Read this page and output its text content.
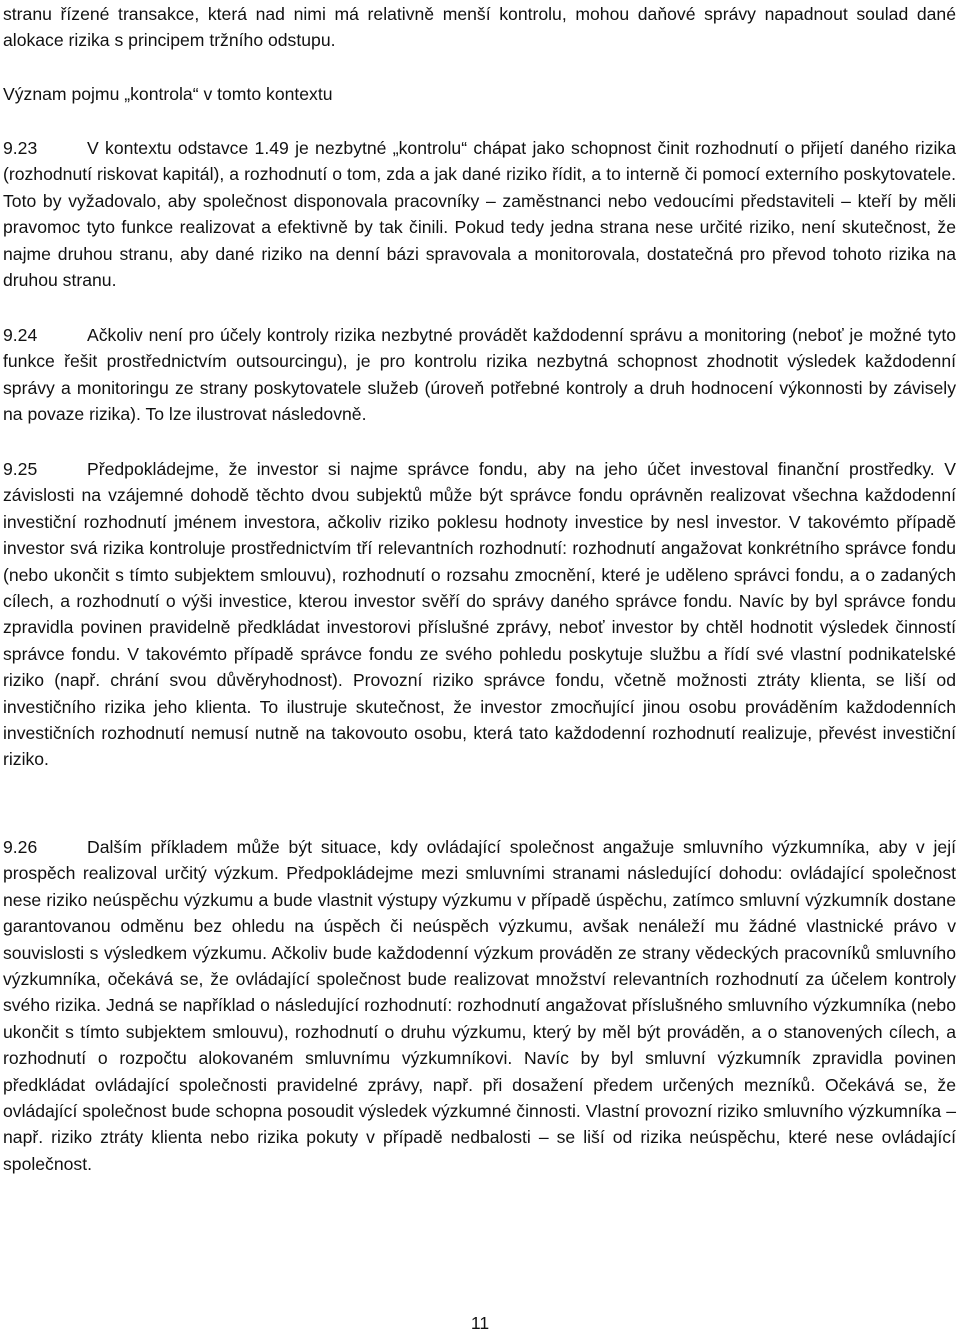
stranu řízené transakce, která nad nimi má relativně menší kontrolu, mohou daňové správy napadnout soulad dané alokace rizika s principem tržního odstupu.

Význam pojmu „kontrola“ v tomto kontextu

9.23	V kontextu odstavce 1.49 je nezbytné „kontrolu“ chápat jako schopnost činit rozhodnutí o přijetí daného rizika (rozhodnutí riskovat kapitál), a rozhodnutí o tom, zda a jak dané riziko řídit, a to interně či pomocí externího poskytovatele. Toto by vyžadovalo, aby společnost disponovala pracovníky – zaměstnanci nebo vedoucími představiteli – kteří by měli pravomoc tyto funkce realizovat a efektivně by tak činili. Pokud tedy jedna strana nese určité riziko, není skutečnost, že najme druhou stranu, aby dané riziko na denní bázi spravovala a monitorovala, dostatečná pro převod tohoto rizika na druhou stranu.

9.24	Ačkoliv není pro účely kontroly rizika nezbytné provádět každodenní správu a monitoring (neboť je možné tyto funkce řešit prostřednictvím outsourcingu), je pro kontrolu rizika nezbytná schopnost zhodnotit výsledek každodenní správy a monitoringu ze strany poskytovatele služeb (úroveň potřebné kontroly a druh hodnocení výkonnosti by závisely na povaze rizika). To lze ilustrovat následovně.

9.25	Předpokládejme, že investor si najme správce fondu, aby na jeho účet investoval finanční prostředky. V závislosti na vzájemné dohodě těchto dvou subjektů může být správce fondu oprávněn realizovat všechna každodenní investiční rozhodnutí jménem investora, ačkoliv riziko poklesu hodnoty investice by nesl investor. V takovémto případě investor svá rizika kontroluje prostřednictvím tří relevantních rozhodnutí: rozhodnutí angažovat konkrétního správce fondu (nebo ukončit s tímto subjektem smlouvu), rozhodnutí o rozsahu zmocnění, které je uděleno správci fondu, a o zadaných cílech, a rozhodnutí o výši investice, kterou investor svěří do správy daného správce fondu. Navíc by byl správce fondu zpravidla povinen pravidelně předkládat investorovi příslušné zprávy, neboť investor by chtěl hodnotit výsledek činností správce fondu. V takovémto případě správce fondu ze svého pohledu poskytuje službu a řídí své vlastní podnikatelské riziko (např. chrání svou důvěryhodnost). Provozní riziko správce fondu, včetně možnosti ztráty klienta, se liší od investičního rizika jeho klienta. To ilustruje skutečnost, že investor zmocňující jinou osobu prováděním každodenních investičních rozhodnutí nemusí nutně na takovouto osobu, která tato každodenní rozhodnutí realizuje, převést investiční riziko.

9.26	Dalším příkladem může být situace, kdy ovládající společnost angažuje smluvního výzkumníka, aby v její prospěch realizoval určitý výzkum. Předpokládejme mezi smluvními stranami následující dohodu: ovládající společnost nese riziko neúspěchu výzkumu a bude vlastnit výstupy výzkumu v případě úspěchu, zatímco smluvní výzkumník dostane garantovanou odměnu bez ohledu na úspěch či neúspěch výzkumu, avšak nenáleží mu žádné vlastnické právo v souvislosti s výsledkem výzkumu. Ačkoliv bude každodenní výzkum prováděn ze strany vědeckých pracovníků smluvního výzkumníka, očekává se, že ovládající společnost bude realizovat množství relevantních rozhodnutí za účelem kontroly svého rizika. Jedná se například o následující rozhodnutí: rozhodnutí angažovat příslušného smluvního výzkumníka (nebo ukončit s tímto subjektem smlouvu), rozhodnutí o druhu výzkumu, který by měl být prováděn, a o stanovených cílech, a rozhodnutí o rozpočtu alokovaném smluvnímu výzkumníkovi. Navíc by byl smluvní výzkumník zpravidla povinen předkládat ovládající společnosti pravidelné zprávy, např. při dosažení předem určených mezníků. Očekává se, že ovládající společnost bude schopna posoudit výsledek výzkumné činnosti. Vlastní provozní riziko smluvního výzkumníka – např. riziko ztráty klienta nebo rizika pokuty v případě nedbalosti – se liší od rizika neúspěchu, které nese ovládající společnost.

11
